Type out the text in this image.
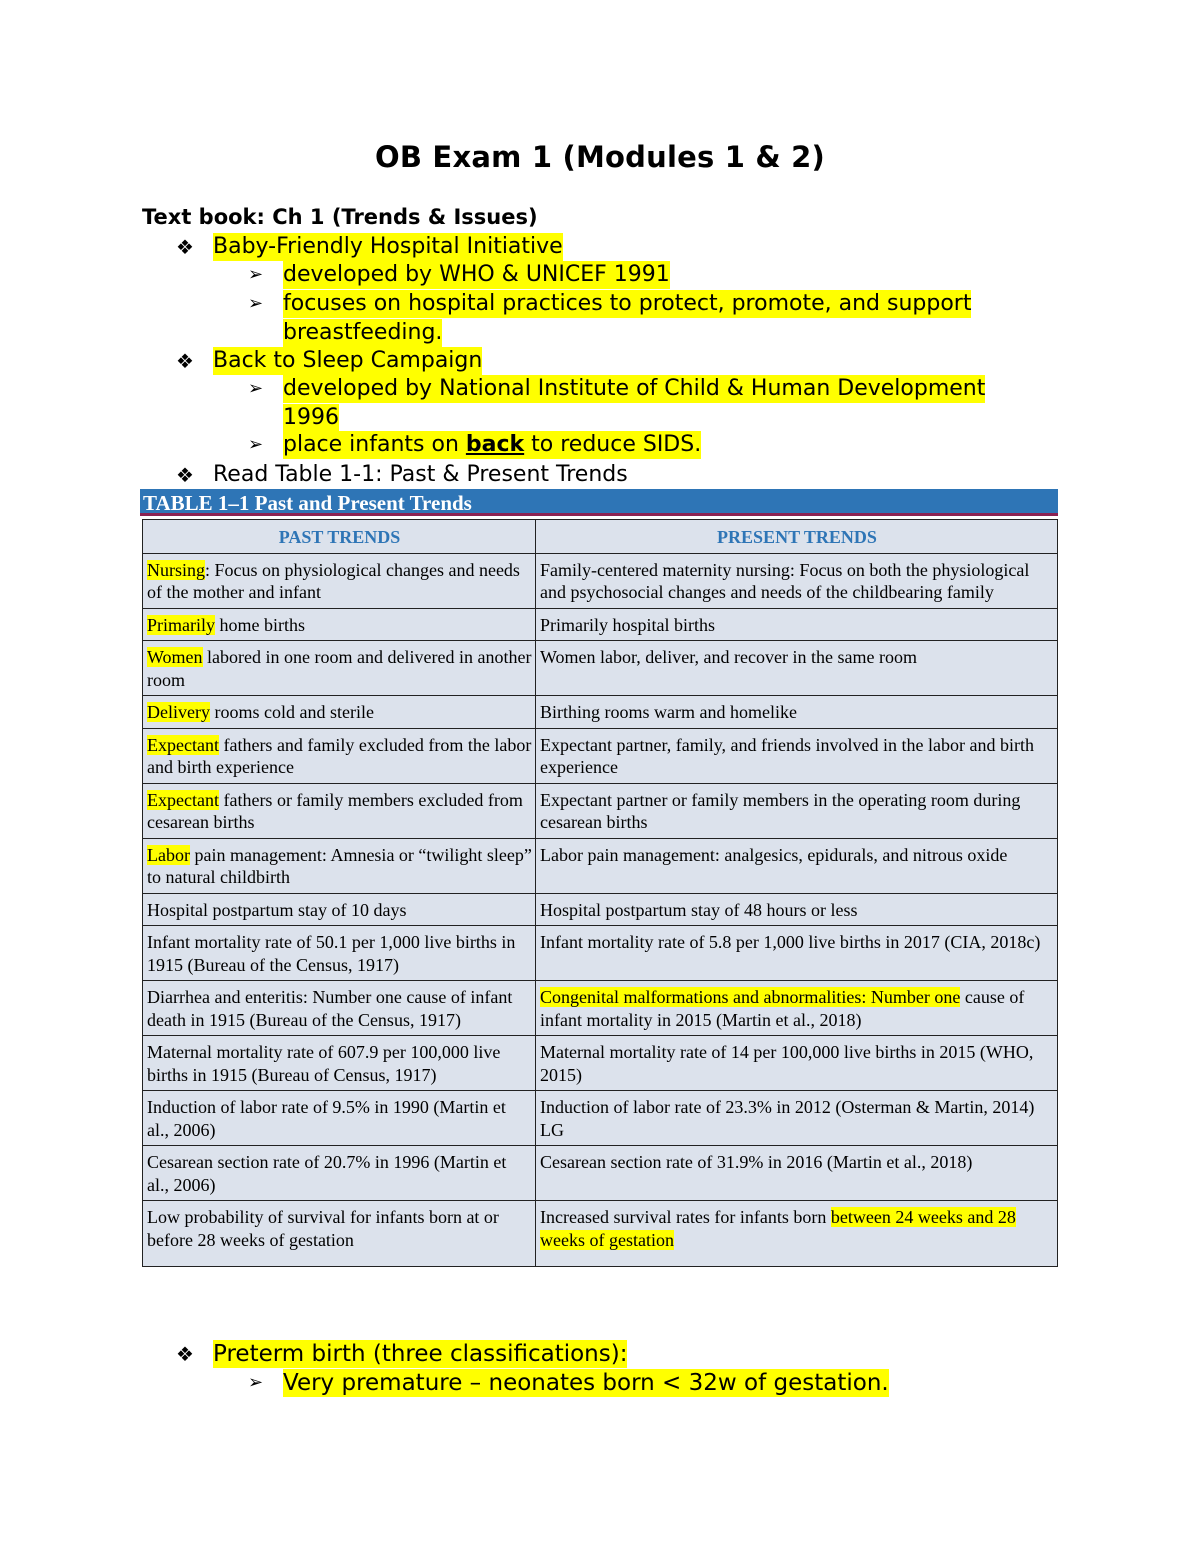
OB Exam 1 (Modules 1 & 2)
Text book: Ch 1 (Trends & Issues)
❖ Baby-Friendly Hospital Initiative
➢ developed by WHO & UNICEF 1991
➢ focuses on hospital practices to protect, promote, and support
breastfeeding.
❖ Back to Sleep Campaign
➢ developed by National Institute of Child & Human Development
1996
➢ place infants on back to reduce SIDS.
❖ Read Table 1-1: Past & Present Trends
TABLE 1–1 Past and Present Trends
PAST TRENDS	PRESENT TRENDS
Nursing: Focus on physiological changes and needs of the mother and infant	Family-centered maternity nursing: Focus on both the physiological and psychosocial changes and needs of the childbearing family
Primarily home births	Primarily hospital births
Women labored in one room and delivered in another room	Women labor, deliver, and recover in the same room
Delivery rooms cold and sterile	Birthing rooms warm and homelike
Expectant fathers and family excluded from the labor and birth experience	Expectant partner, family, and friends involved in the labor and birth experience
Expectant fathers or family members excluded from cesarean births	Expectant partner or family members in the operating room during cesarean births
Labor pain management: Amnesia or “twilight sleep” to natural childbirth	Labor pain management: analgesics, epidurals, and nitrous oxide
Hospital postpartum stay of 10 days	Hospital postpartum stay of 48 hours or less
Infant mortality rate of 50.1 per 1,000 live births in 1915 (Bureau of the Census, 1917)	Infant mortality rate of 5.8 per 1,000 live births in 2017 (CIA, 2018c)
Diarrhea and enteritis: Number one cause of infant death in 1915 (Bureau of the Census, 1917)	Congenital malformations and abnormalities: Number one cause of infant mortality in 2015 (Martin et al., 2018)
Maternal mortality rate of 607.9 per 100,000 live births in 1915 (Bureau of Census, 1917)	Maternal mortality rate of 14 per 100,000 live births in 2015 (WHO, 2015)
Induction of labor rate of 9.5% in 1990 (Martin et al., 2006)	Induction of labor rate of 23.3% in 2012 (Osterman & Martin, 2014) LG
Cesarean section rate of 20.7% in 1996 (Martin et al., 2006)	Cesarean section rate of 31.9% in 2016 (Martin et al., 2018)
Low probability of survival for infants born at or before 28 weeks of gestation	Increased survival rates for infants born between 24 weeks and 28 weeks of gestation
❖ Preterm birth (three classifications):
➢ Very premature – neonates born < 32w of gestation.
